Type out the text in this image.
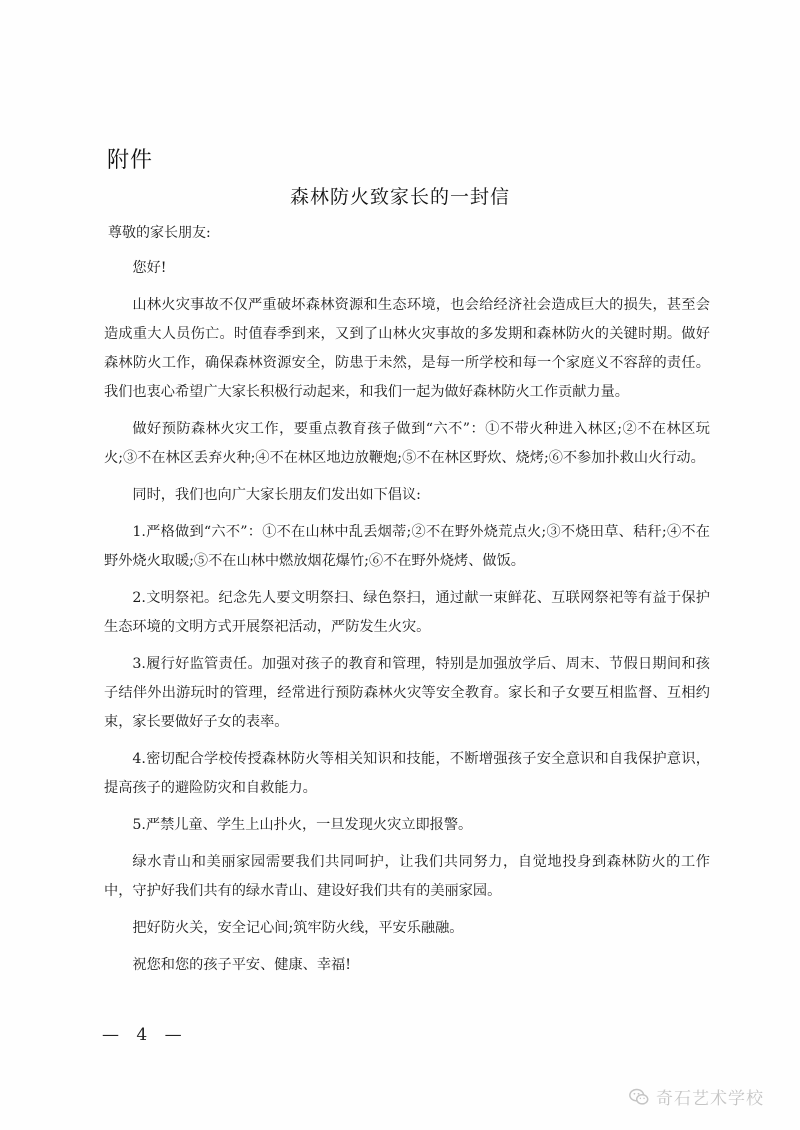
附件
森林防火致家长的一封信
尊敬的家长朋友:

您好!

山林火灾事故不仅严重破坏森林资源和生态环境，也会给经济社会造成巨大的损失，甚至会造成重大人员伤亡。时值春季到来，又到了山林火灾事故的多发期和森林防火的关键时期。做好森林防火工作，确保森林资源安全，防患于未然，是每一所学校和每一个家庭义不容辞的责任。我们也衷心希望广大家长积极行动起来，和我们一起为做好森林防火工作贡献力量。

做好预防森林火灾工作，要重点教育孩子做到“六不”：①不带火种进入林区;②不在林区玩火;③不在林区丢弃火种;④不在林区地边放鞭炮;⑤不在林区野炊、烧烤;⑥不参加扑救山火行动。

同时，我们也向广大家长朋友们发出如下倡议:

1.严格做到“六不”：①不在山林中乱丢烟蒂;②不在野外烧荒点火;③不烧田草、秸秆;④不在野外烧火取暖;⑤不在山林中燃放烟花爆竹;⑥不在野外烧烤、做饭。

2.文明祭祀。纪念先人要文明祭扫、绿色祭扫，通过献一束鲜花、互联网祭祀等有益于保护生态环境的文明方式开展祭祀活动，严防发生火灾。

3.履行好监管责任。加强对孩子的教育和管理，特别是加强放学后、周末、节假日期间和孩子结伴外出游玩时的管理，经常进行预防森林火灾等安全教育。家长和子女要互相监督、互相约束，家长要做好子女的表率。

4.密切配合学校传授森林防火等相关知识和技能，不断增强孩子安全意识和自我保护意识，提高孩子的避险防灾和自救能力。

5.严禁儿童、学生上山扑火，一旦发现火灾立即报警。

绿水青山和美丽家园需要我们共同呵护，让我们共同努力，自觉地投身到森林防火的工作中，守护好我们共有的绿水青山、建设好我们共有的美丽家园。

把好防火关，安全记心间;筑牢防火线，平安乐融融。

祝您和您的孩子平安、健康、幸福!

— 4 —
奇石艺术学校
